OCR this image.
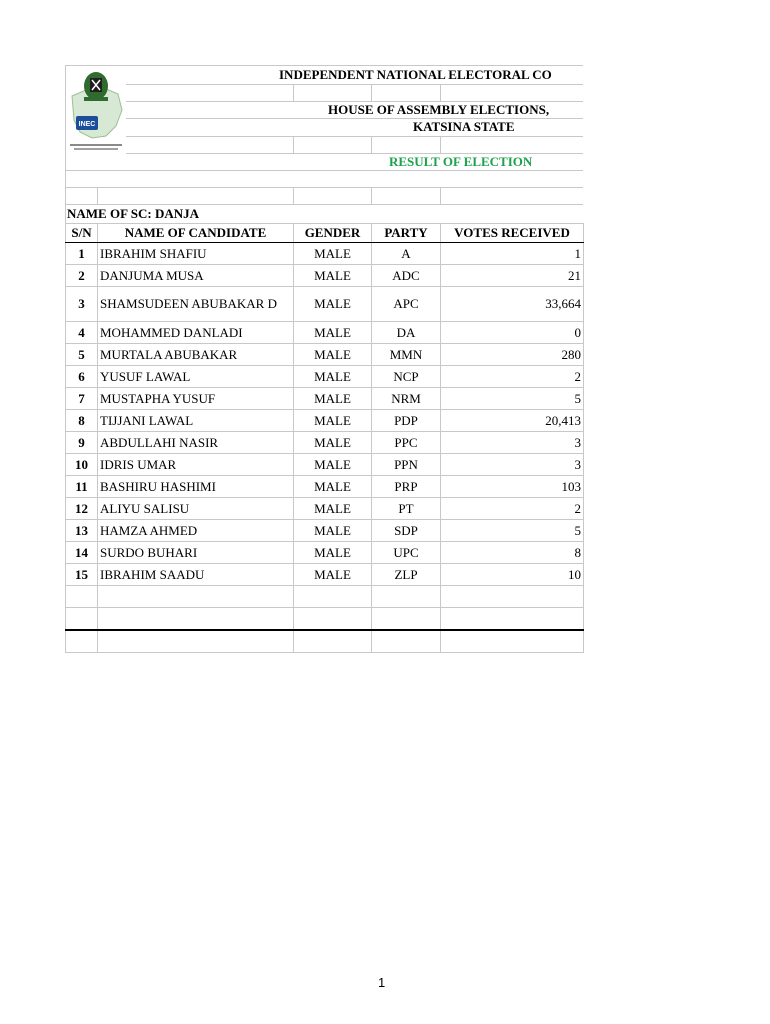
INEC
INDEPENDENT NATIONAL ELECTORAL CO
HOUSE OF ASSEMBLY ELECTIONS,
KATSINA STATE
RESULT OF ELECTION
NAME OF SC: DANJA
S/N	NAME OF CANDIDATE	GENDER	PARTY	VOTES RECEIVED
1	IBRAHIM SHAFIU	MALE	A	1
2	DANJUMA MUSA	MALE	ADC	21
3	SHAMSUDEEN ABUBAKAR D	MALE	APC	33,664
4	MOHAMMED DANLADI	MALE	DA	0
5	MURTALA ABUBAKAR	MALE	MMN	280
6	YUSUF LAWAL	MALE	NCP	2
7	MUSTAPHA YUSUF	MALE	NRM	5
8	TIJJANI LAWAL	MALE	PDP	20,413
9	ABDULLAHI NASIR	MALE	PPC	3
10	IDRIS UMAR	MALE	PPN	3
11	BASHIRU HASHIMI	MALE	PRP	103
12	ALIYU SALISU	MALE	PT	2
13	HAMZA AHMED	MALE	SDP	5
14	SURDO BUHARI	MALE	UPC	8
15	IBRAHIM SAADU	MALE	ZLP	10

1
